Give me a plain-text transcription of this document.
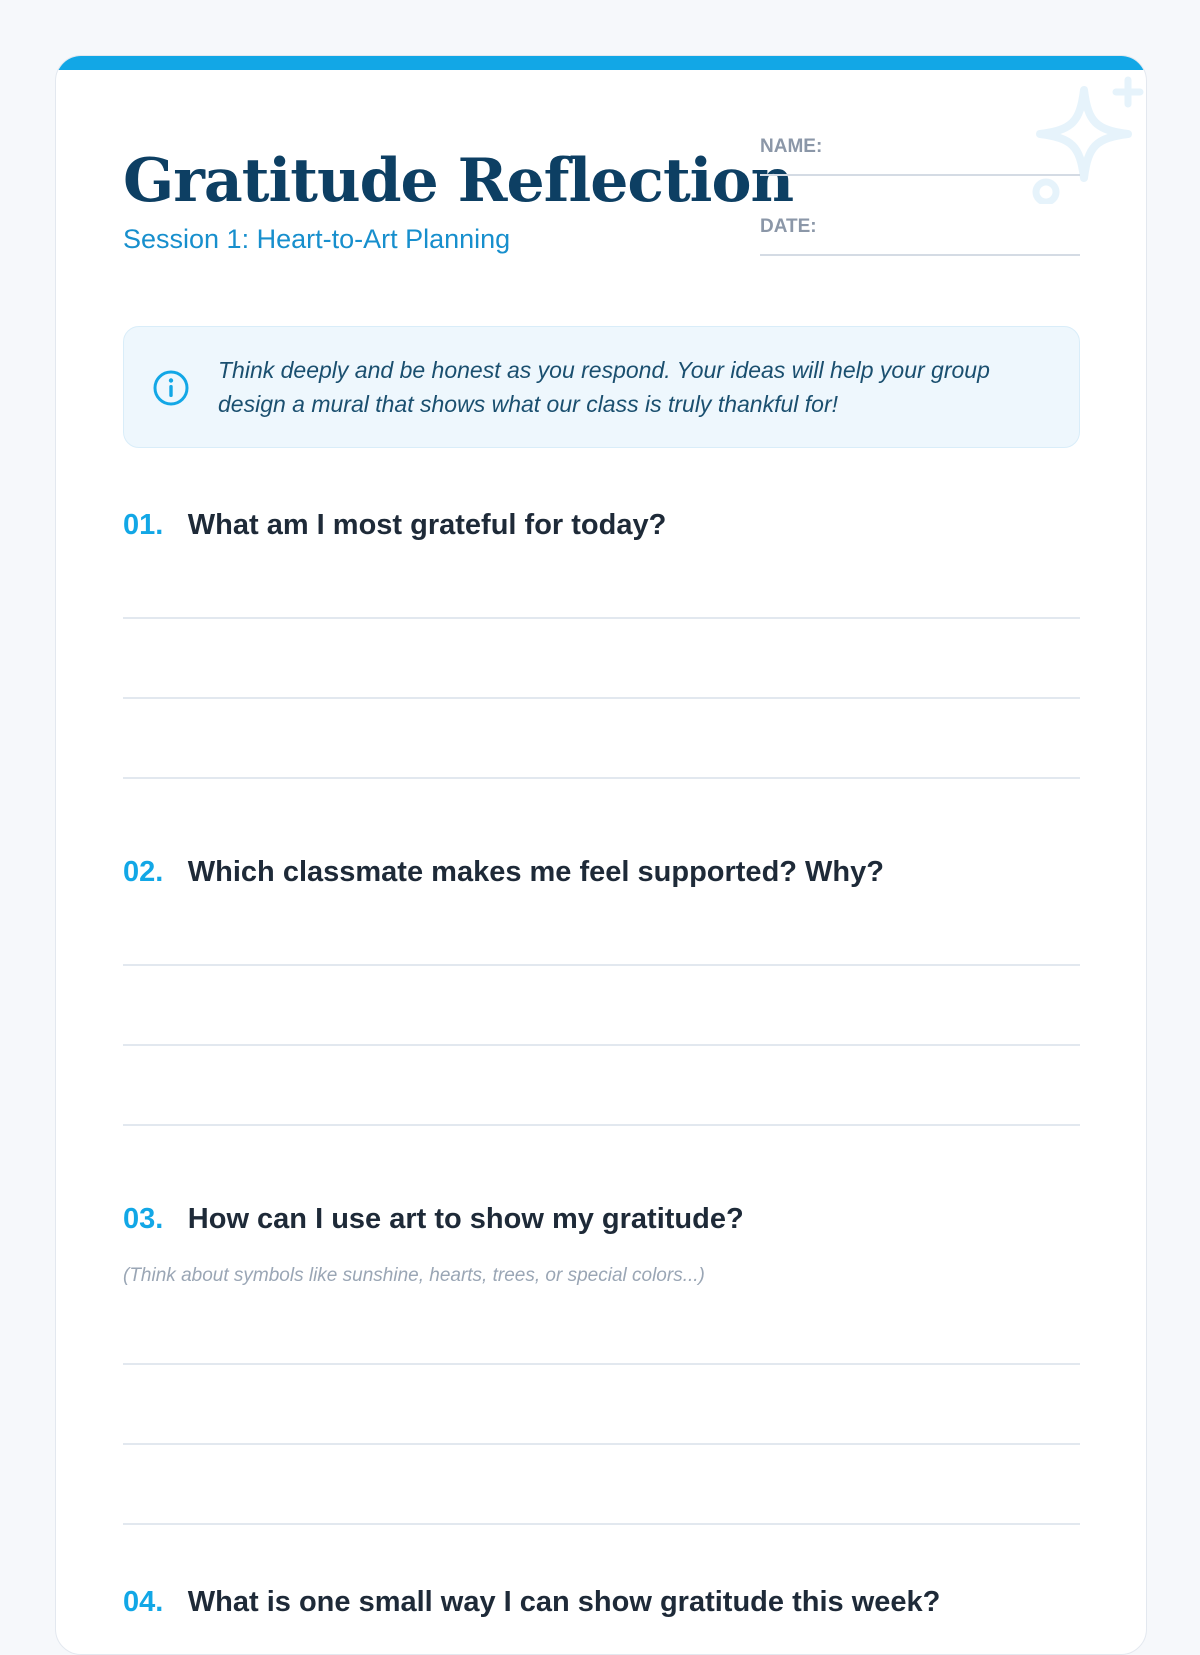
Gratitude Reflection
Session 1: Heart-to-Art Planning
NAME:
DATE:
Think deeply and be honest as you respond. Your ideas will help your group design a mural that shows what our class is truly thankful for!
01. What am I most grateful for today?
02. Which classmate makes me feel supported? Why?
03. How can I use art to show my gratitude?
(Think about symbols like sunshine, hearts, trees, or special colors...)
04. What is one small way I can show gratitude this week?
